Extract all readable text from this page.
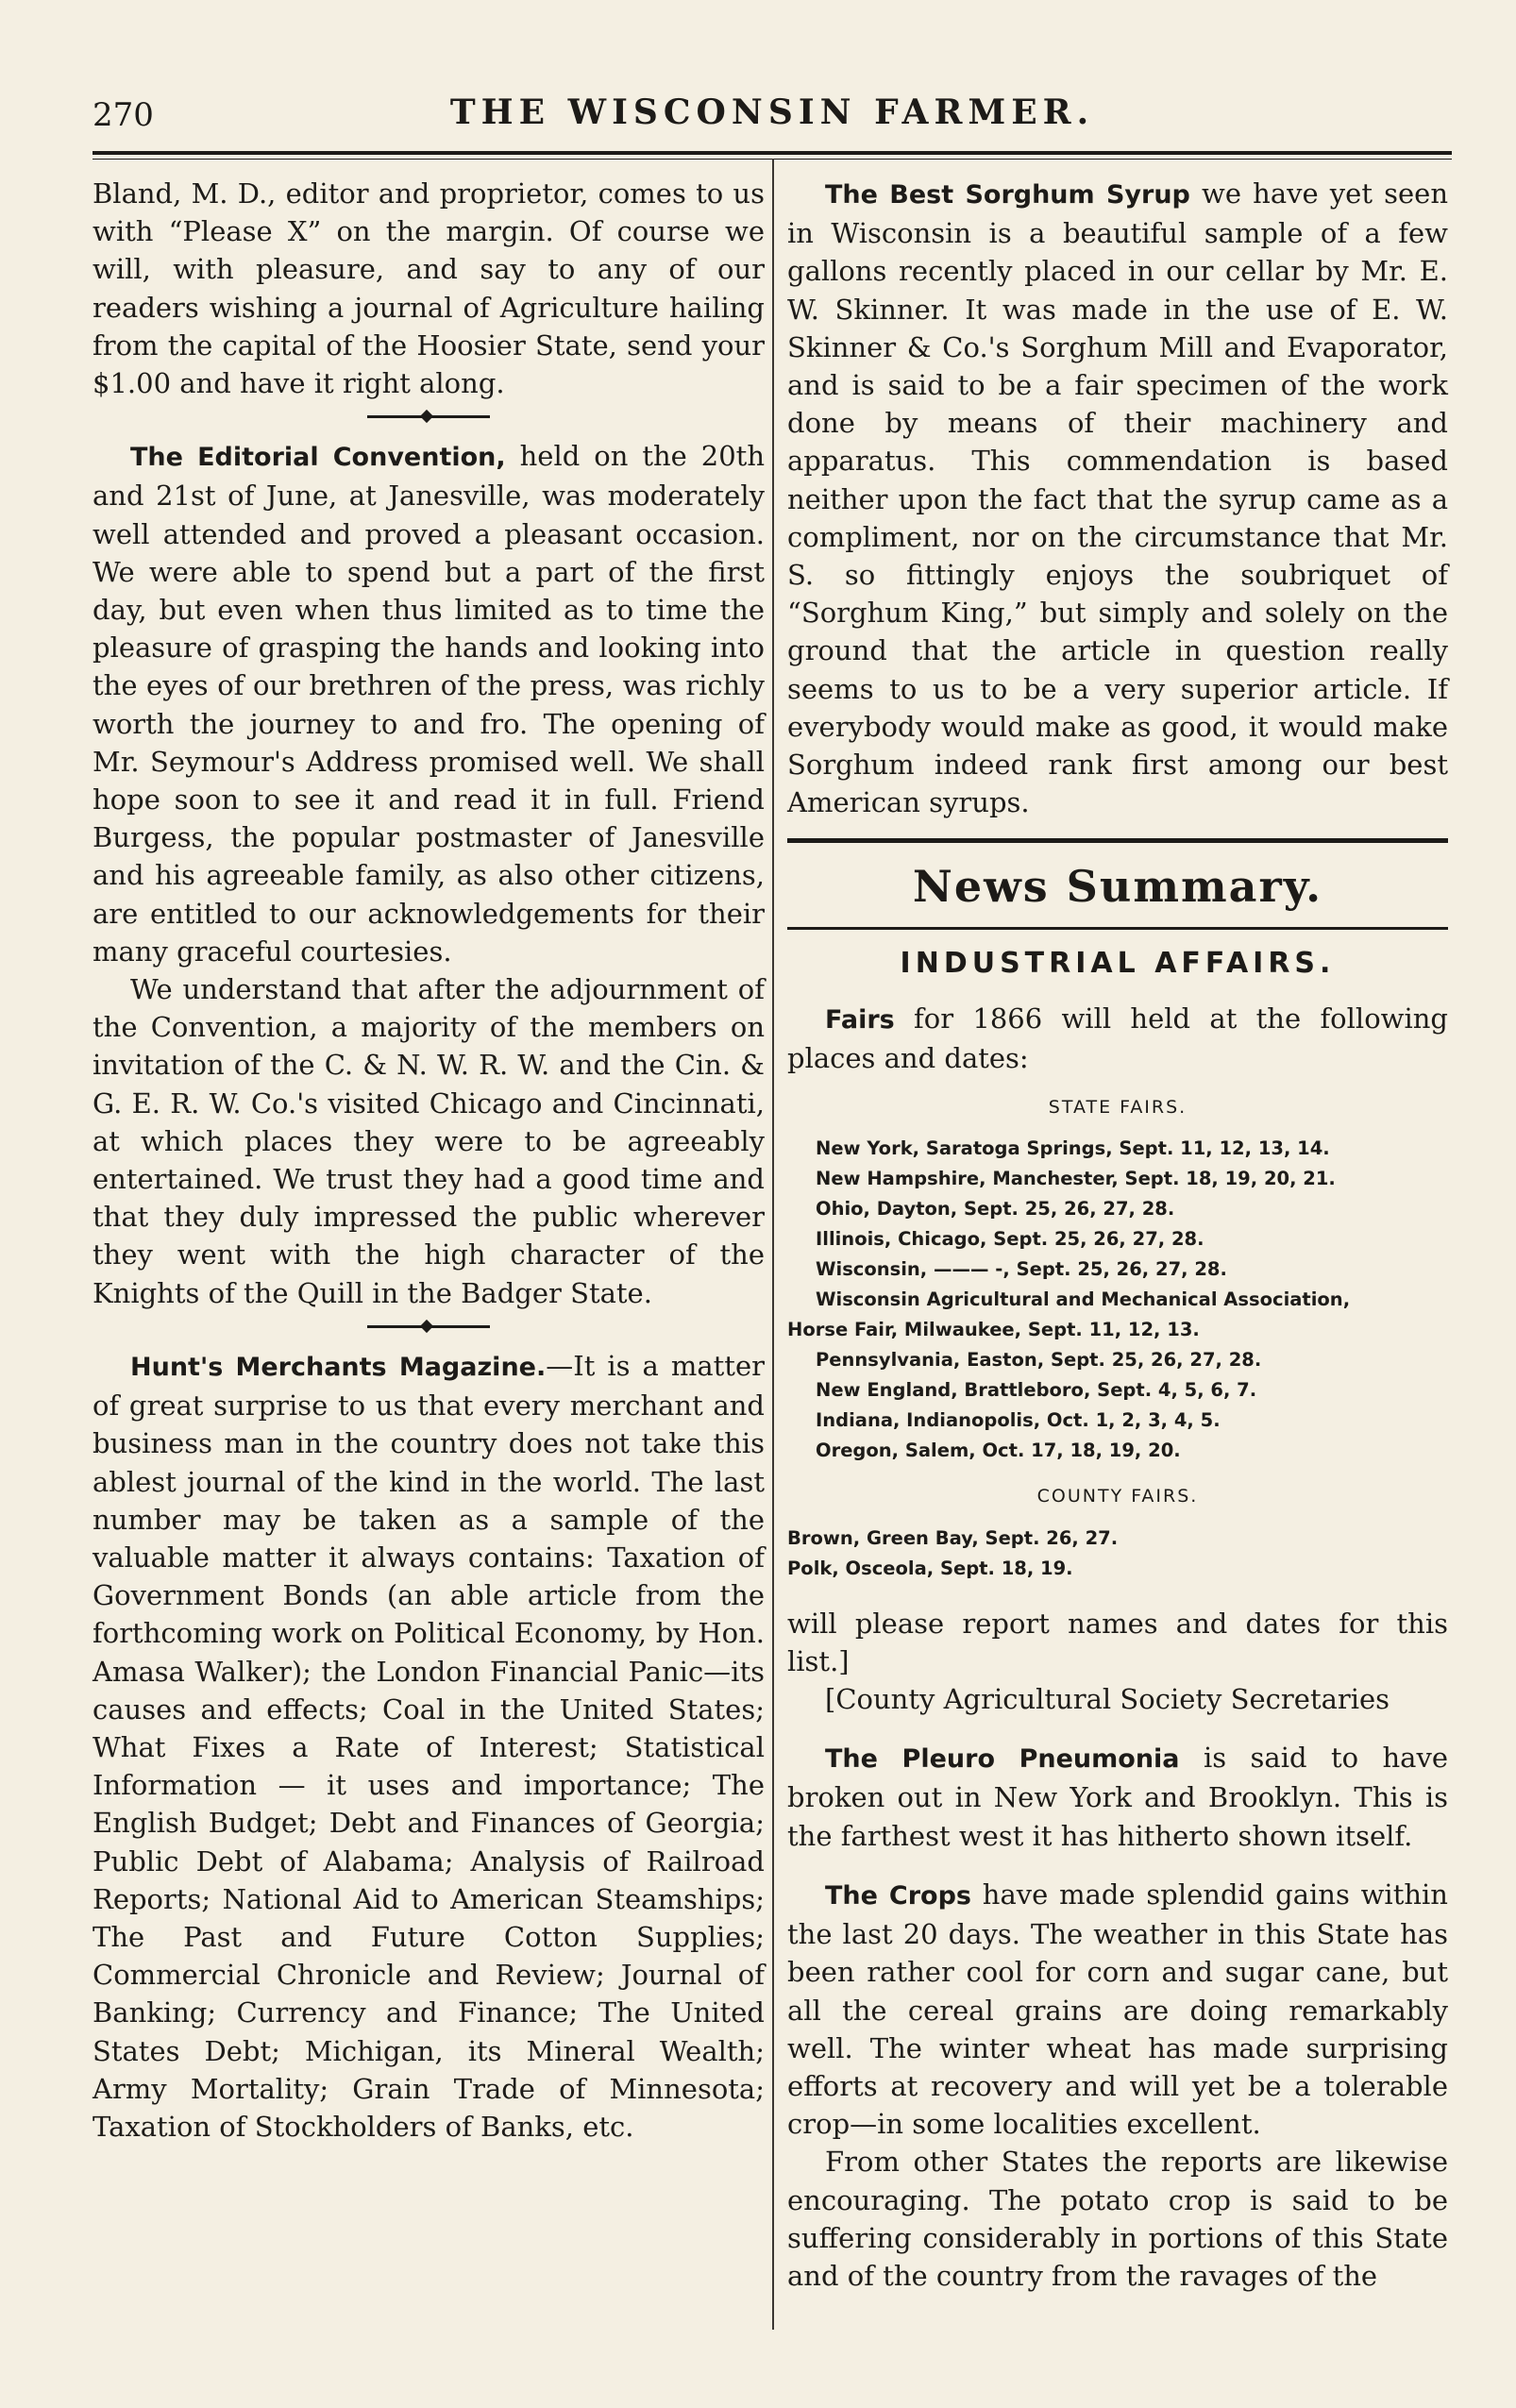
270	THE WISCONSIN FARMER.

Bland, M. D., editor and proprietor, comes to us with “Please X” on the margin. Of course we will, with pleasure, and say to any of our readers wishing a journal of Agriculture hailing from the capital of the Hoosier State, send your $1.00 and have it right along.

The Editorial Convention, held on the 20th and 21st of June, at Janesville, was moderately well attended and proved a pleasant occasion. We were able to spend but a part of the first day, but even when thus limited as to time the pleasure of grasping the hands and looking into the eyes of our brethren of the press, was richly worth the journey to and fro. The opening of Mr. Seymour's Address promised well. We shall hope soon to see it and read it in full. Friend Burgess, the popular postmaster of Janesville and his agreeable family, as also other citizens, are entitled to our acknowledgements for their many graceful courtesies.

We understand that after the adjournment of the Convention, a majority of the members on invitation of the C. & N. W. R. W. and the Cin. & G. E. R. W. Co.'s visited Chicago and Cincinnati, at which places they were to be agreeably entertained. We trust they had a good time and that they duly impressed the public wherever they went with the high character of the Knights of the Quill in the Badger State.

Hunt's Merchants Magazine.—It is a matter of great surprise to us that every merchant and business man in the country does not take this ablest journal of the kind in the world. The last number may be taken as a sample of the valuable matter it always contains: Taxation of Government Bonds (an able article from the forthcoming work on Political Economy, by Hon. Amasa Walker); the London Financial Panic—its causes and effects; Coal in the United States; What Fixes a Rate of Interest; Statistical Information — it uses and importance; The English Budget; Debt and Finances of Georgia; Public Debt of Alabama; Analysis of Railroad Reports; National Aid to American Steamships; The Past and Future Cotton Supplies; Commercial Chronicle and Review; Journal of Banking; Currency and Finance; The United States Debt; Michigan, its Mineral Wealth; Army Mortality; Grain Trade of Minnesota; Taxation of Stockholders of Banks, etc.

The Best Sorghum Syrup we have yet seen in Wisconsin is a beautiful sample of a few gallons recently placed in our cellar by Mr. E. W. Skinner. It was made in the use of E. W. Skinner & Co.'s Sorghum Mill and Evaporator, and is said to be a fair specimen of the work done by means of their machinery and apparatus. This commendation is based neither upon the fact that the syrup came as a compliment, nor on the circumstance that Mr. S. so fittingly enjoys the soubriquet of “Sorghum King,” but simply and solely on the ground that the article in question really seems to us to be a very superior article. If everybody would make as good, it would make Sorghum indeed rank first among our best American syrups.

News Summary.
INDUSTRIAL AFFAIRS.

Fairs for 1866 will held at the following places and dates:

STATE FAIRS.
New York, Saratoga Springs, Sept. 11, 12, 13, 14.
New Hampshire, Manchester, Sept. 18, 19, 20, 21.
Ohio, Dayton, Sept. 25, 26, 27, 28.
Illinois, Chicago, Sept. 25, 26, 27, 28.
Wisconsin, ——— -, Sept. 25, 26, 27, 28.
Wisconsin Agricultural and Mechanical Association,
Horse Fair, Milwaukee, Sept. 11, 12, 13.
Pennsylvania, Easton, Sept. 25, 26, 27, 28.
New England, Brattleboro, Sept. 4, 5, 6, 7.
Indiana, Indianopolis, Oct. 1, 2, 3, 4, 5.
Oregon, Salem, Oct. 17, 18, 19, 20.
COUNTY FAIRS.
Brown, Green Bay, Sept. 26, 27.
Polk, Osceola, Sept. 18, 19.

will please report names and dates for this list.]

[County Agricultural Society Secretaries

The Pleuro Pneumonia is said to have broken out in New York and Brooklyn. This is the farthest west it has hitherto shown itself.

The Crops have made splendid gains within the last 20 days. The weather in this State has been rather cool for corn and sugar cane, but all the cereal grains are doing remarkably well. The winter wheat has made surprising efforts at recovery and will yet be a tolerable crop—in some localities excellent.

From other States the reports are likewise encouraging. The potato crop is said to be suffering considerably in portions of this State and of the country from the ravages of the
